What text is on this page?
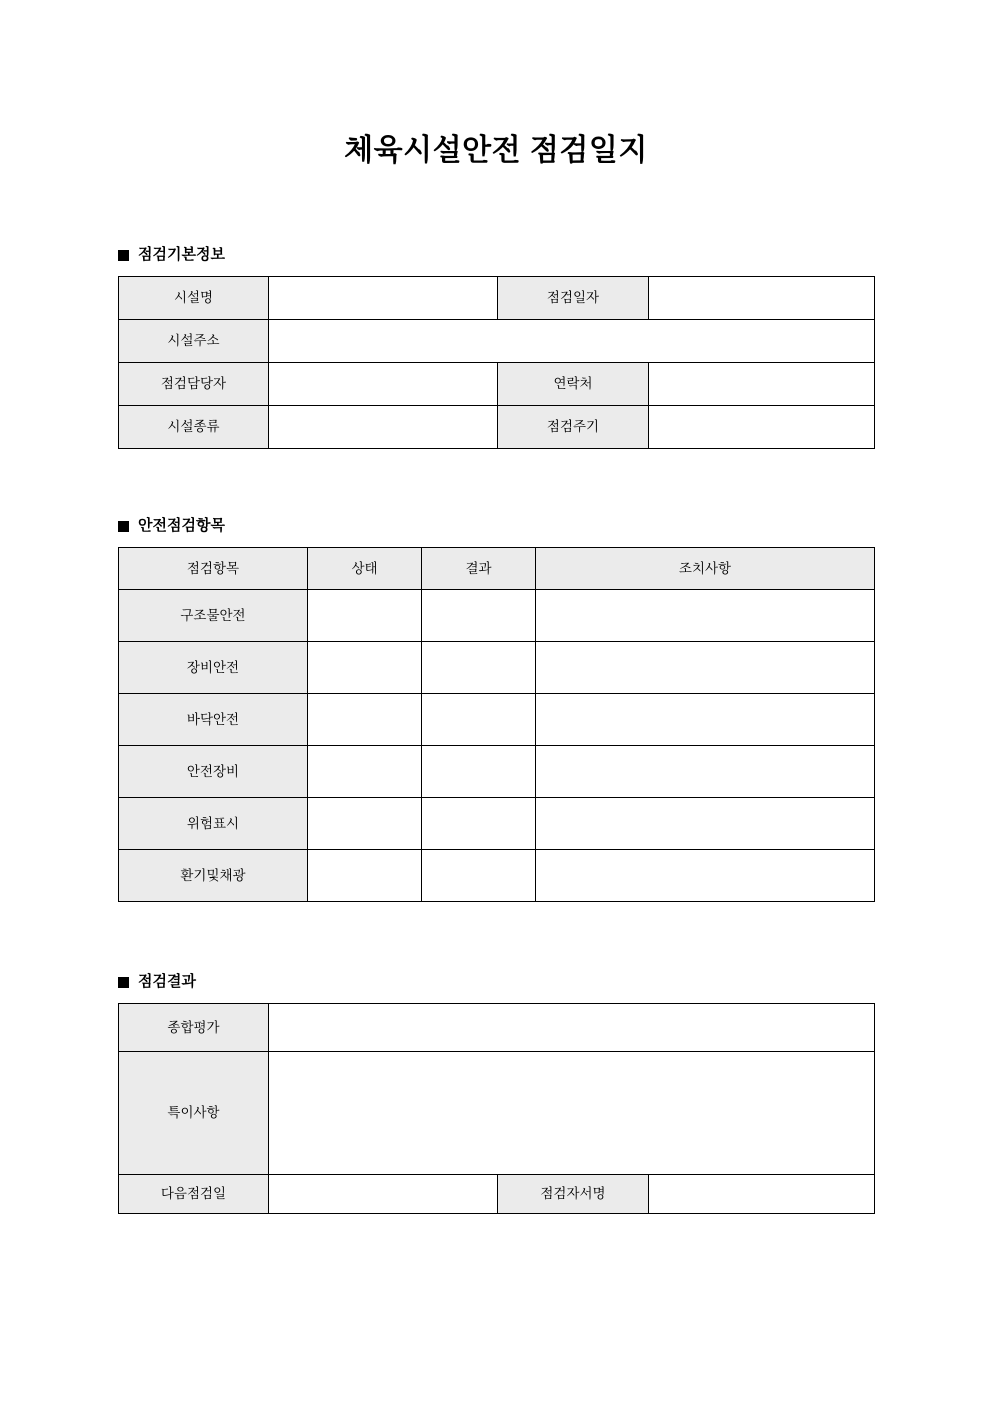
체육시설안전 점검일지
점검기본정보
시설명		점검일자	
시설주소			
점검담당자		연락처	
시설종류		점검주기	
안전점검항목
점검항목	상태	결과	조치사항
구조물안전			
장비안전			
바닥안전			
안전장비			
위험표시			
환기및채광			
점검결과
종합평가			
특이사항			
다음점검일		점검자서명	
